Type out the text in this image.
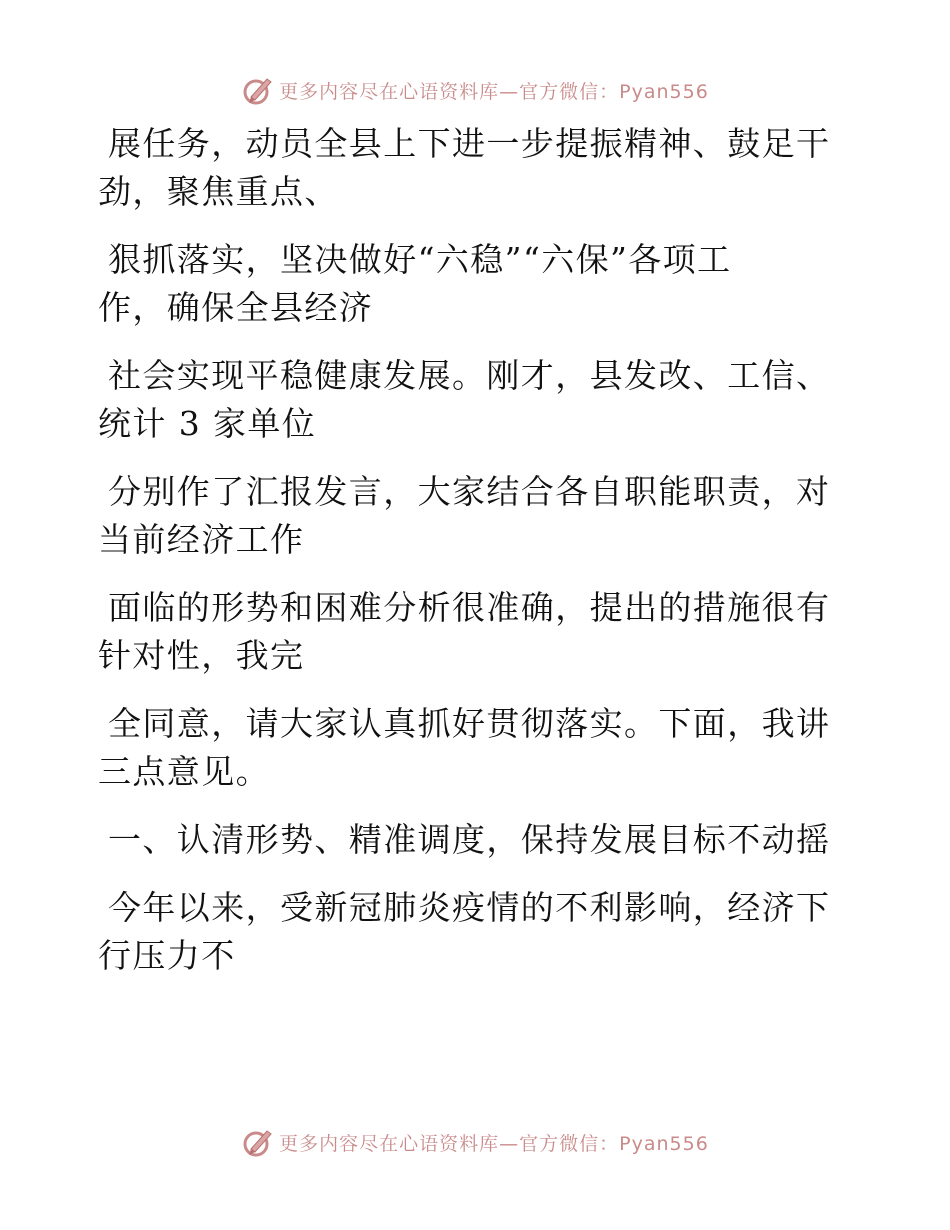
更多内容尽在心语资料库—官方微信：Pyan556
展任务，动员全县上下进一步提振精神、鼓足干
劲，聚焦重点、
狠抓落实，坚决做好“六稳”“六保”各项工
作，确保全县经济
社会实现平稳健康发展。刚才，县发改、工信、
统计 3 家单位
分别作了汇报发言，大家结合各自职能职责，对
当前经济工作
面临的形势和困难分析很准确，提出的措施很有
针对性，我完
全同意，请大家认真抓好贯彻落实。下面，我讲
三点意见。
一、认清形势、精准调度，保持发展目标不动摇
今年以来，受新冠肺炎疫情的不利影响，经济下
行压力不
更多内容尽在心语资料库—官方微信：Pyan556
